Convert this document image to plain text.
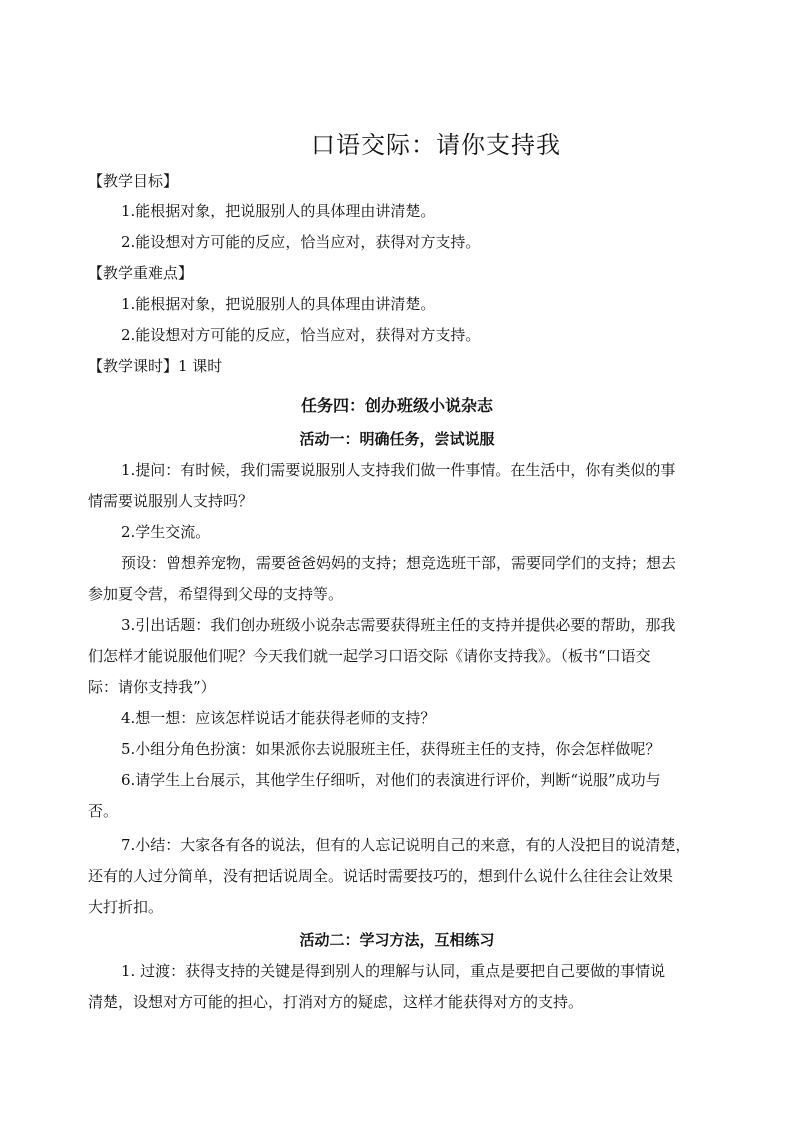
口语交际：请你支持我
【教学目标】
1.能根据对象，把说服别人的具体理由讲清楚。
2.能设想对方可能的反应，恰当应对，获得对方支持。
【教学重难点】
1.能根据对象，把说服别人的具体理由讲清楚。
2.能设想对方可能的反应，恰当应对，获得对方支持。
【教学课时】1 课时
任务四：创办班级小说杂志
活动一：明确任务，尝试说服
1.提问：有时候，我们需要说服别人支持我们做一件事情。在生活中，你有类似的事
情需要说服别人支持吗？
2.学生交流。
预设：曾想养宠物，需要爸爸妈妈的支持；想竞选班干部，需要同学们的支持；想去
参加夏令营，希望得到父母的支持等。
3.引出话题：我们创办班级小说杂志需要获得班主任的支持并提供必要的帮助，那我
们怎样才能说服他们呢？今天我们就一起学习口语交际《请你支持我》。（板书“口语交
际：请你支持我”）
4.想一想：应该怎样说话才能获得老师的支持？
5.小组分角色扮演：如果派你去说服班主任，获得班主任的支持，你会怎样做呢？
6.请学生上台展示，其他学生仔细听，对他们的表演进行评价，判断“说服”成功与
否。
7.小结：大家各有各的说法，但有的人忘记说明自己的来意，有的人没把目的说清楚，
还有的人过分简单，没有把话说周全。说话时需要技巧的，想到什么说什么往往会让效果
大打折扣。
活动二：学习方法，互相练习
1. 过渡：获得支持的关键是得到别人的理解与认同，重点是要把自己要做的事情说
清楚，设想对方可能的担心，打消对方的疑虑，这样才能获得对方的支持。
